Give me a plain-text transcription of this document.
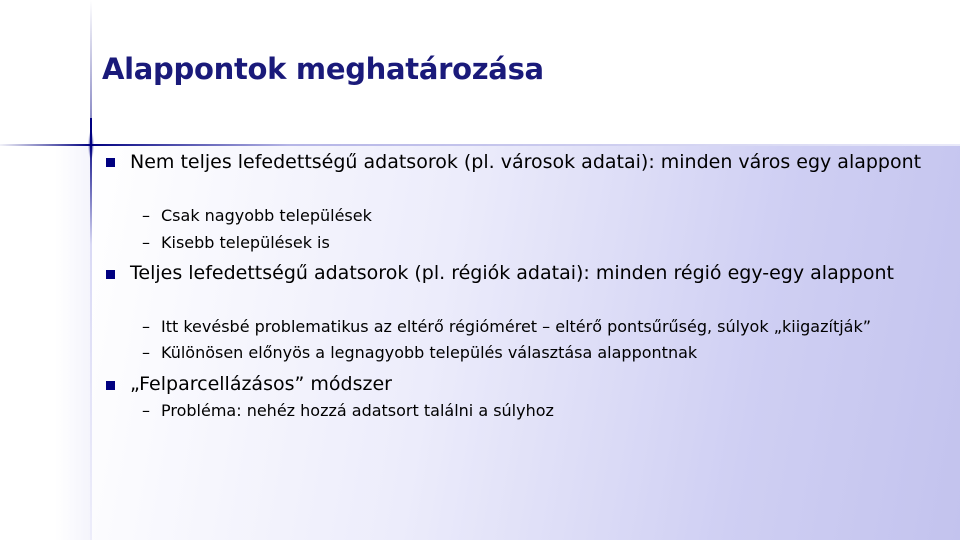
Alappontok meghatározása
Nem teljes lefedettségű adatsorok (pl. városok adatai): minden város egy alappont
– Csak nagyobb települések
– Kisebb települések is
Teljes lefedettségű adatsorok (pl. régiók adatai): minden régió egy-egy alappont
– Itt kevésbé problematikus az eltérő régióméret – eltérő pontsűrűség, súlyok „kiigazítják”
– Különösen előnyös a legnagyobb település választása alappontnak
„Felparcellázásos” módszer
– Probléma: nehéz hozzá adatsort találni a súlyhoz
